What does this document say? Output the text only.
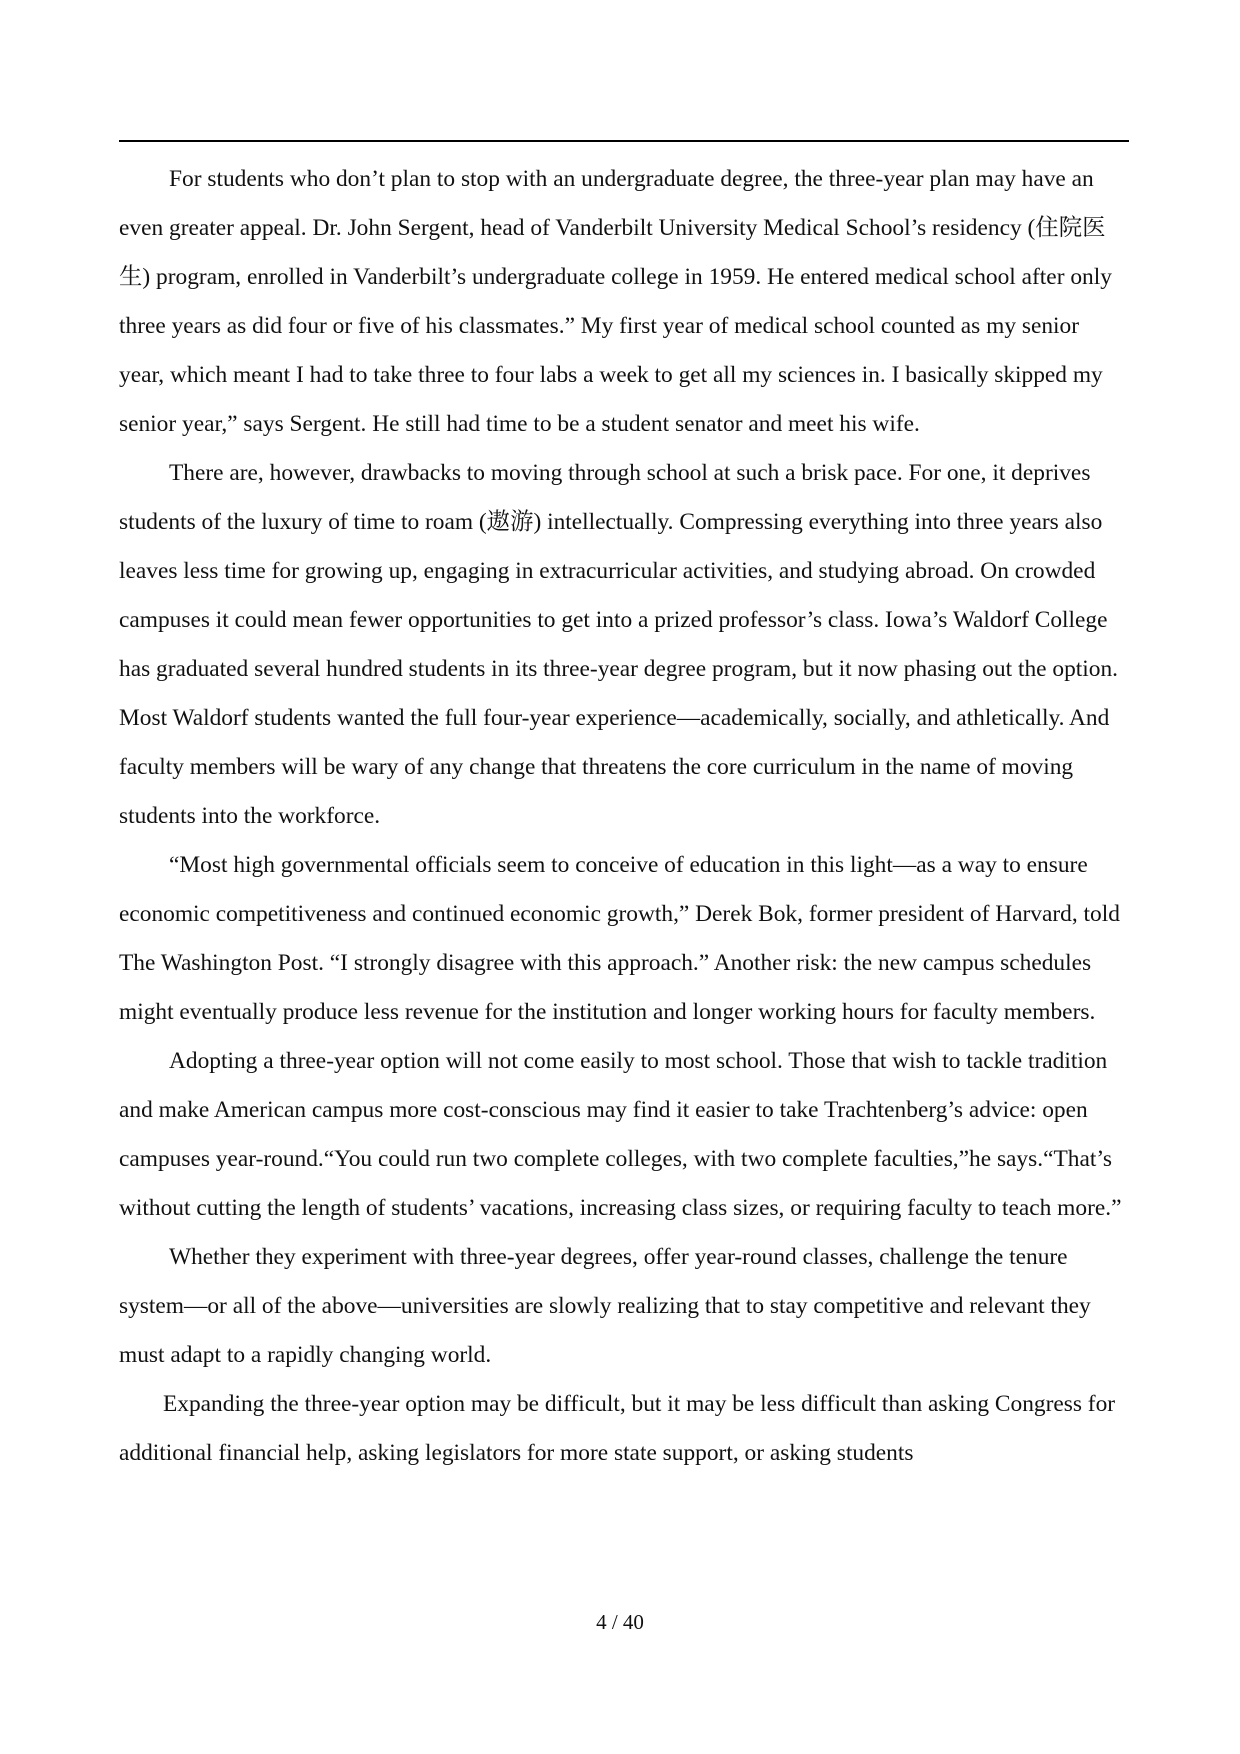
For students who don’t plan to stop with an undergraduate degree, the three-year plan may have an even greater appeal. Dr. John Sergent, head of Vanderbilt University Medical School’s residency (住院医生) program, enrolled in Vanderbilt’s undergraduate college in 1959. He entered medical school after only three years as did four or five of his classmates.” My first year of medical school counted as my senior year, which meant I had to take three to four labs a week to get all my sciences in. I basically skipped my senior year,” says Sergent. He still had time to be a student senator and meet his wife.

There are, however, drawbacks to moving through school at such a brisk pace. For one, it deprives students of the luxury of time to roam (遨游) intellectually. Compressing everything into three years also leaves less time for growing up, engaging in extracurricular activities, and studying abroad. On crowded campuses it could mean fewer opportunities to get into a prized professor’s class. Iowa’s Waldorf College has graduated several hundred students in its three-year degree program, but it now phasing out the option. Most Waldorf students wanted the full four-year experience—academically, socially, and athletically. And faculty members will be wary of any change that threatens the core curriculum in the name of moving students into the workforce.

“Most high governmental officials seem to conceive of education in this light—as a way to ensure economic competitiveness and continued economic growth,” Derek Bok, former president of Harvard, told The Washington Post. “I strongly disagree with this approach.” Another risk: the new campus schedules might eventually produce less revenue for the institution and longer working hours for faculty members.

Adopting a three-year option will not come easily to most school. Those that wish to tackle tradition and make American campus more cost-conscious may find it easier to take Trachtenberg’s advice: open campuses year-round.“You could run two complete colleges, with two complete faculties,”he says.“That’s without cutting the length of students’ vacations, increasing class sizes, or requiring faculty to teach more.”

Whether they experiment with three-year degrees, offer year-round classes, challenge the tenure system—or all of the above—universities are slowly realizing that to stay competitive and relevant they must adapt to a rapidly changing world.

Expanding the three-year option may be difficult, but it may be less difficult than asking Congress for additional financial help, asking legislators for more state support, or asking students

4 / 40
